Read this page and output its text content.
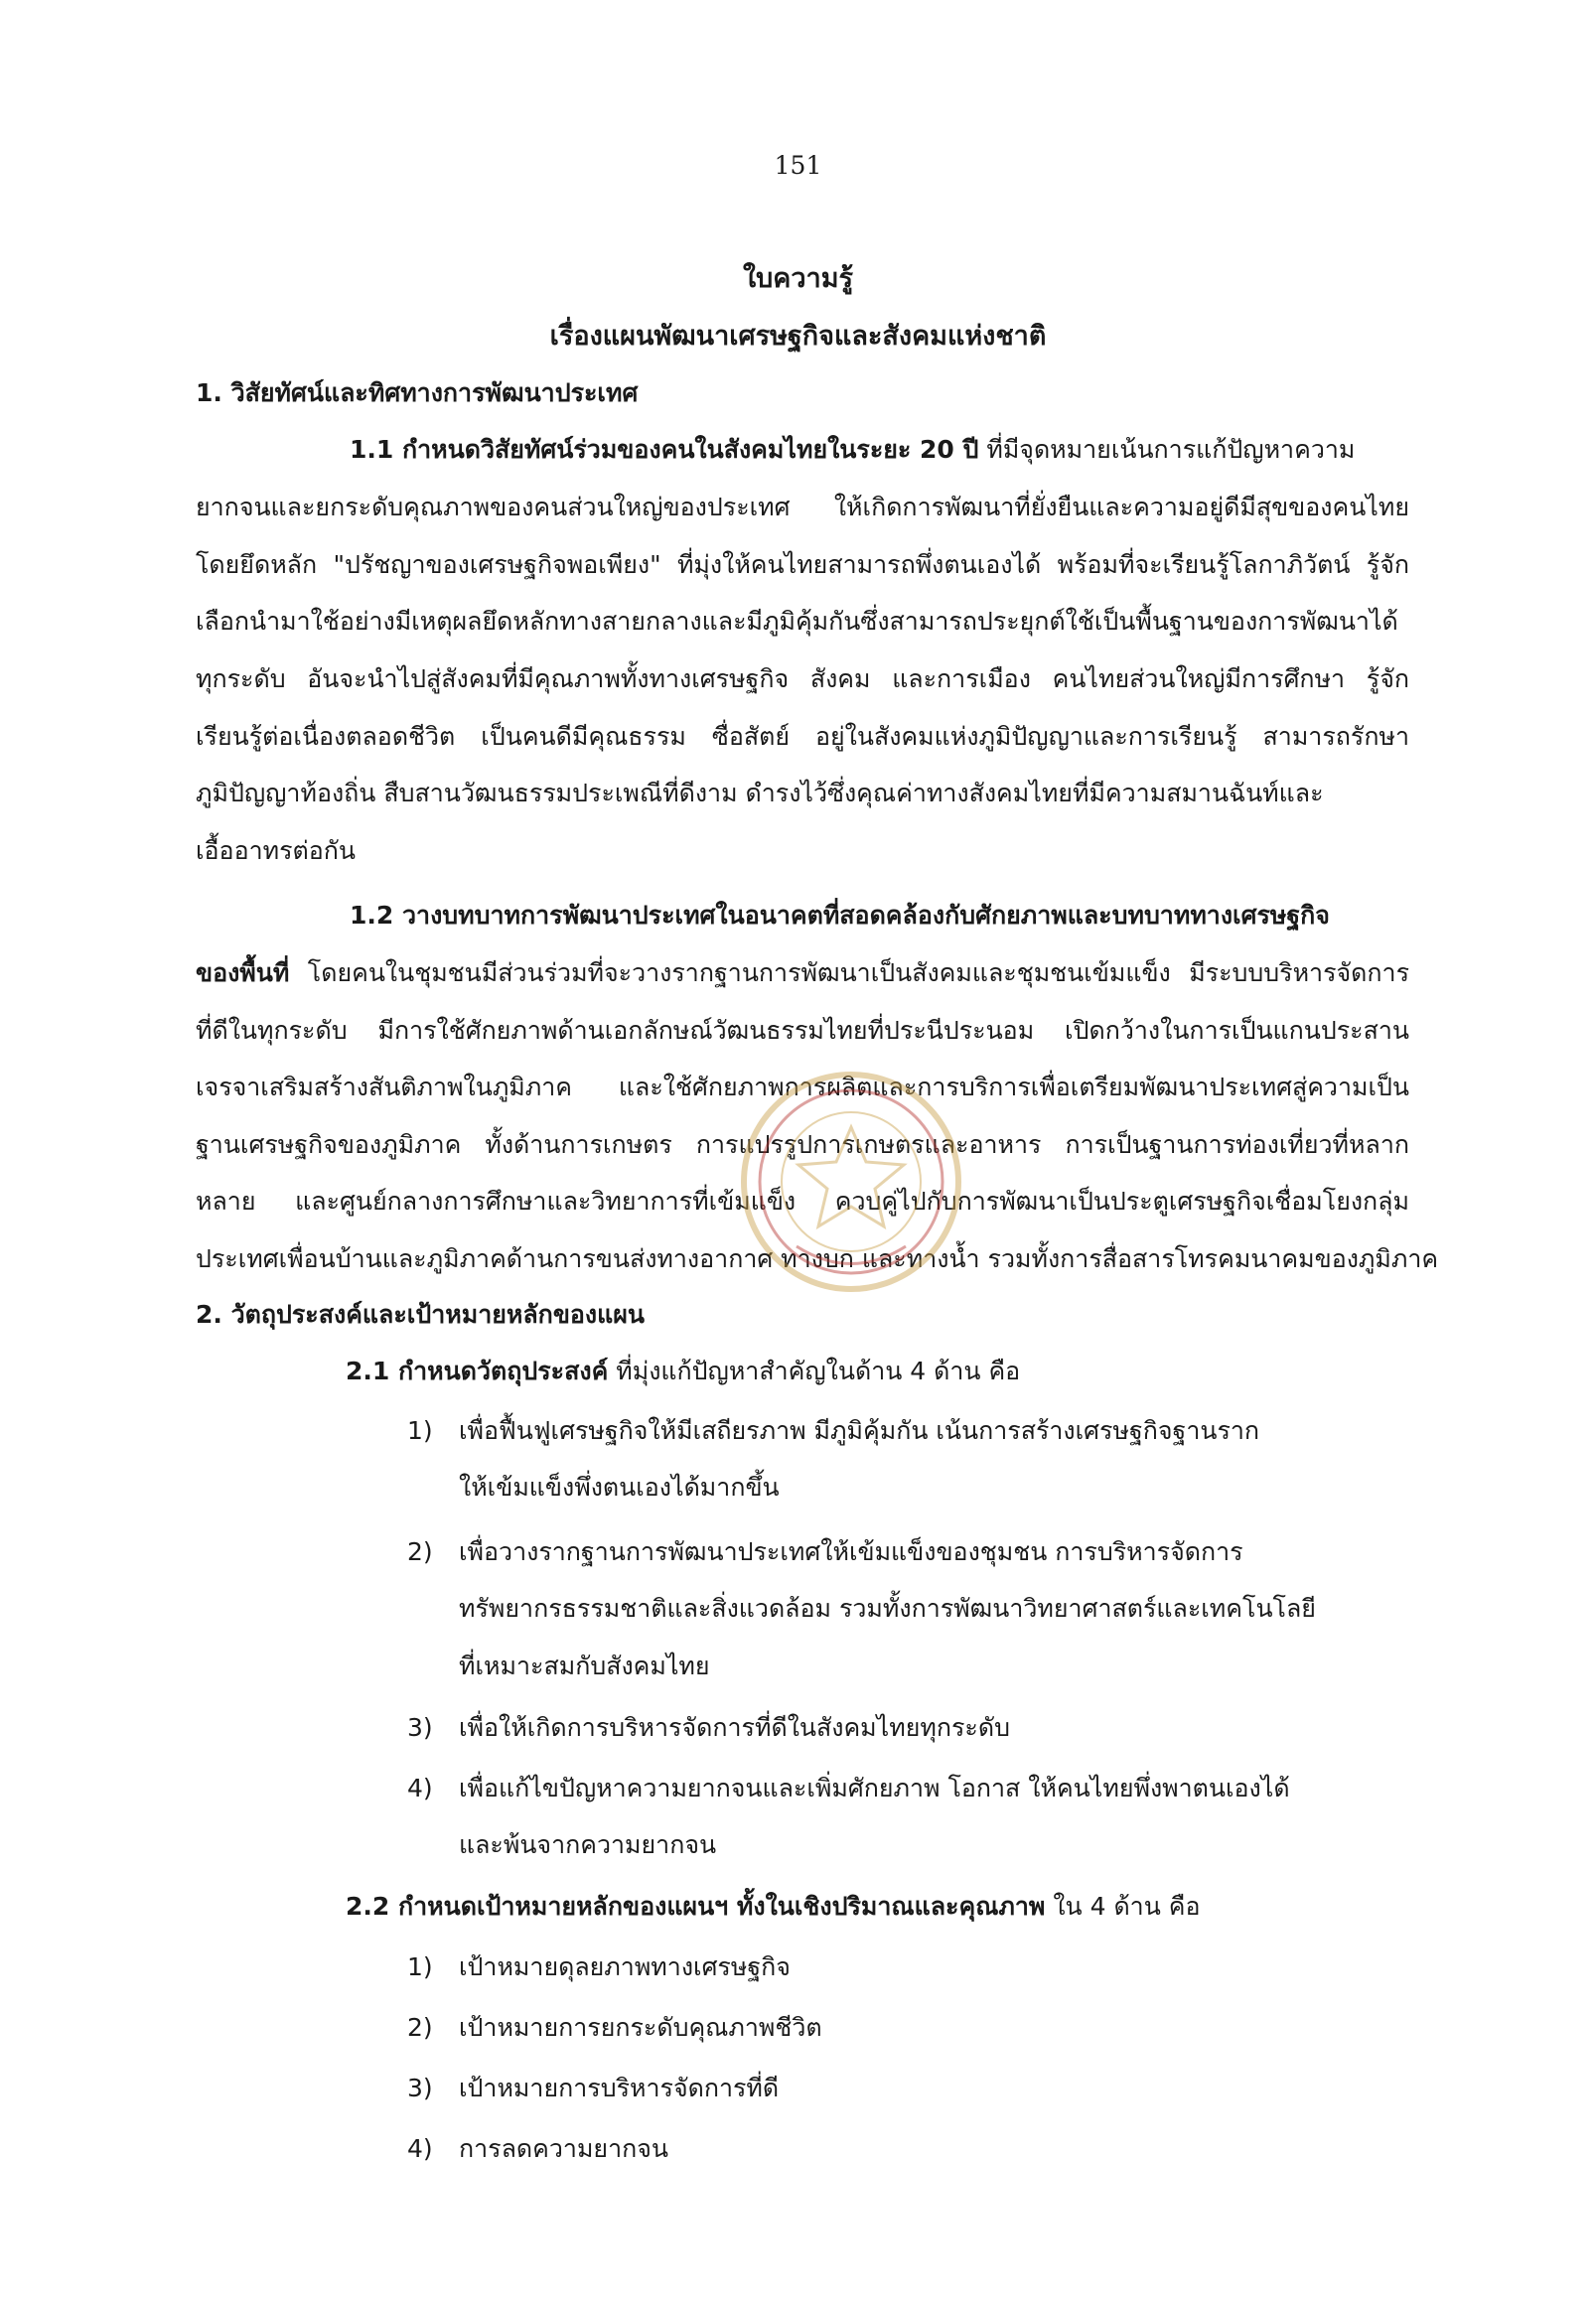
151
ใบความรู้
เรื่องแผนพัฒนาเศรษฐกิจและสังคมแห่งชาติ
1. วิสัยทัศน์และทิศทางการพัฒนาประเทศ
1.1 กำหนดวิสัยทัศน์ร่วมของคนในสังคมไทยในระยะ 20 ปี ที่มีจุดหมายเน้นการแก้ปัญหาความ
ยากจนและยกระดับคุณภาพของคนส่วนใหญ่ของประเทศ ให้เกิดการพัฒนาที่ยั่งยืนและความอยู่ดีมีสุขของคนไทย
โดยยึดหลัก "ปรัชญาของเศรษฐกิจพอเพียง" ที่มุ่งให้คนไทยสามารถพึ่งตนเองได้ พร้อมที่จะเรียนรู้โลกาภิวัตน์ รู้จัก
เลือกนำมาใช้อย่างมีเหตุผลยึดหลักทางสายกลางและมีภูมิคุ้มกันซึ่งสามารถประยุกต์ใช้เป็นพื้นฐานของการพัฒนาได้
ทุกระดับ อันจะนำไปสู่สังคมที่มีคุณภาพทั้งทางเศรษฐกิจ สังคม และการเมือง คนไทยส่วนใหญ่มีการศึกษา รู้จัก
เรียนรู้ต่อเนื่องตลอดชีวิต เป็นคนดีมีคุณธรรม ซื่อสัตย์ อยู่ในสังคมแห่งภูมิปัญญาและการเรียนรู้ สามารถรักษา
ภูมิปัญญาท้องถิ่น สืบสานวัฒนธรรมประเพณีที่ดีงาม ดำรงไว้ซึ่งคุณค่าทางสังคมไทยที่มีความสมานฉันท์และ
เอื้ออาทรต่อกัน
1.2 วางบทบาทการพัฒนาประเทศในอนาคตที่สอดคล้องกับศักยภาพและบทบาททางเศรษฐกิจ
ของพื้นที่ โดยคนในชุมชนมีส่วนร่วมที่จะวางรากฐานการพัฒนาเป็นสังคมและชุมชนเข้มแข็ง มีระบบบริหารจัดการ
ที่ดีในทุกระดับ มีการใช้ศักยภาพด้านเอกลักษณ์วัฒนธรรมไทยที่ประนีประนอม เปิดกว้างในการเป็นแกนประสาน
เจรจาเสริมสร้างสันติภาพในภูมิภาค และใช้ศักยภาพการผลิตและการบริการเพื่อเตรียมพัฒนาประเทศสู่ความเป็น
ฐานเศรษฐกิจของภูมิภาค ทั้งด้านการเกษตร การแปรรูปการเกษตรและอาหาร การเป็นฐานการท่องเที่ยวที่หลาก
หลาย และศูนย์กลางการศึกษาและวิทยาการที่เข้มแข็ง ควบคู่ไปกับการพัฒนาเป็นประตูเศรษฐกิจเชื่อมโยงกลุ่ม
ประเทศเพื่อนบ้านและภูมิภาคด้านการขนส่งทางอากาศ ทางบก และทางน้ำ รวมทั้งการสื่อสารโทรคมนาคมของภูมิภาค
2. วัตถุประสงค์และเป้าหมายหลักของแผน
2.1 กำหนดวัตถุประสงค์ ที่มุ่งแก้ปัญหาสำคัญในด้าน 4 ด้าน คือ
1) เพื่อฟื้นฟูเศรษฐกิจให้มีเสถียรภาพ มีภูมิคุ้มกัน เน้นการสร้างเศรษฐกิจฐานราก
ให้เข้มแข็งพึ่งตนเองได้มากขึ้น
2) เพื่อวางรากฐานการพัฒนาประเทศให้เข้มแข็งของชุมชน การบริหารจัดการ
ทรัพยากรธรรมชาติและสิ่งแวดล้อม รวมทั้งการพัฒนาวิทยาศาสตร์และเทคโนโลยี
ที่เหมาะสมกับสังคมไทย
3) เพื่อให้เกิดการบริหารจัดการที่ดีในสังคมไทยทุกระดับ
4) เพื่อแก้ไขปัญหาความยากจนและเพิ่มศักยภาพ โอกาส ให้คนไทยพึ่งพาตนเองได้
และพ้นจากความยากจน
2.2 กำหนดเป้าหมายหลักของแผนฯ ทั้งในเชิงปริมาณและคุณภาพ ใน 4 ด้าน คือ
1) เป้าหมายดุลยภาพทางเศรษฐกิจ
2) เป้าหมายการยกระดับคุณภาพชีวิต
3) เป้าหมายการบริหารจัดการที่ดี
4) การลดความยากจน
